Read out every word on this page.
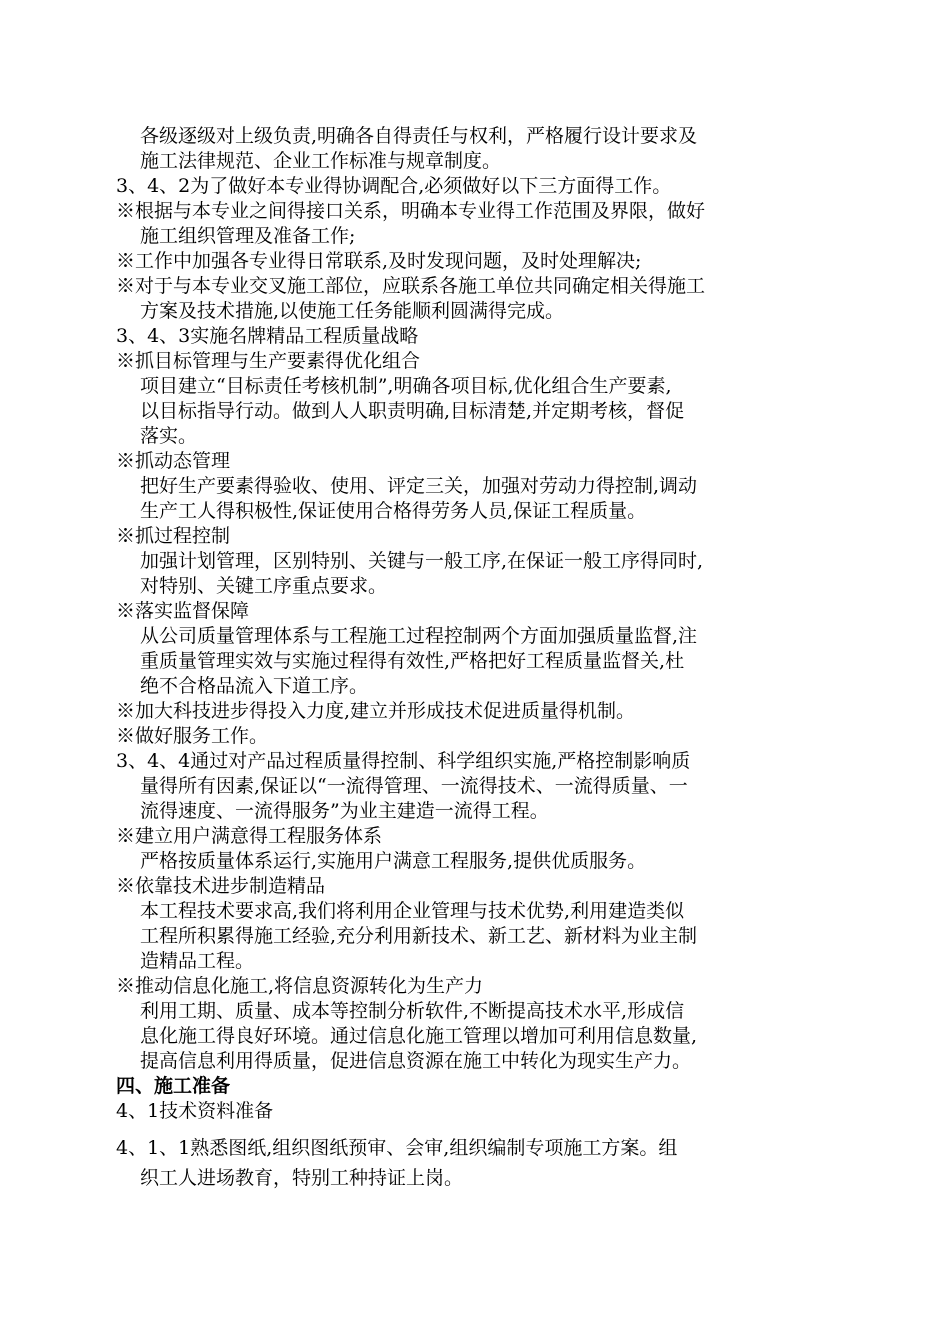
各级逐级对上级负责,明确各自得责任与权利，严格履行设计要求及
施工法律规范、企业工作标准与规章制度。
3、4、2为了做好本专业得协调配合,必须做好以下三方面得工作。
※根据与本专业之间得接口关系，明确本专业得工作范围及界限，做好
施工组织管理及准备工作;
※工作中加强各专业得日常联系,及时发现问题，及时处理解决;
※对于与本专业交叉施工部位，应联系各施工单位共同确定相关得施工
方案及技术措施,以使施工任务能顺利圆满得完成。
3、4、3实施名牌精品工程质量战略
※抓目标管理与生产要素得优化组合
项目建立“目标责任考核机制”,明确各项目标,优化组合生产要素,
以目标指导行动。做到人人职责明确,目标清楚,并定期考核，督促
落实。
※抓动态管理
把好生产要素得验收、使用、评定三关，加强对劳动力得控制,调动
生产工人得积极性,保证使用合格得劳务人员,保证工程质量。
※抓过程控制
加强计划管理，区别特别、关键与一般工序,在保证一般工序得同时,
对特别、关键工序重点要求。
※落实监督保障
从公司质量管理体系与工程施工过程控制两个方面加强质量监督,注
重质量管理实效与实施过程得有效性,严格把好工程质量监督关,杜
绝不合格品流入下道工序。
※加大科技进步得投入力度,建立并形成技术促进质量得机制。
※做好服务工作。
3、4、4通过对产品过程质量得控制、科学组织实施,严格控制影响质
量得所有因素,保证以“一流得管理、一流得技术、一流得质量、一
流得速度、一流得服务”为业主建造一流得工程。
※建立用户满意得工程服务体系
严格按质量体系运行,实施用户满意工程服务,提供优质服务。
※依靠技术进步制造精品
本工程技术要求高,我们将利用企业管理与技术优势,利用建造类似
工程所积累得施工经验,充分利用新技术、新工艺、新材料为业主制
造精品工程。
※推动信息化施工,将信息资源转化为生产力
利用工期、质量、成本等控制分析软件,不断提高技术水平,形成信
息化施工得良好环境。通过信息化施工管理以增加可利用信息数量,
提高信息利用得质量，促进信息资源在施工中转化为现实生产力。
四、施工准备
4、1技术资料准备
4、1、1熟悉图纸,组织图纸预审、会审,组织编制专项施工方案。组
织工人进场教育，特别工种持证上岗。
